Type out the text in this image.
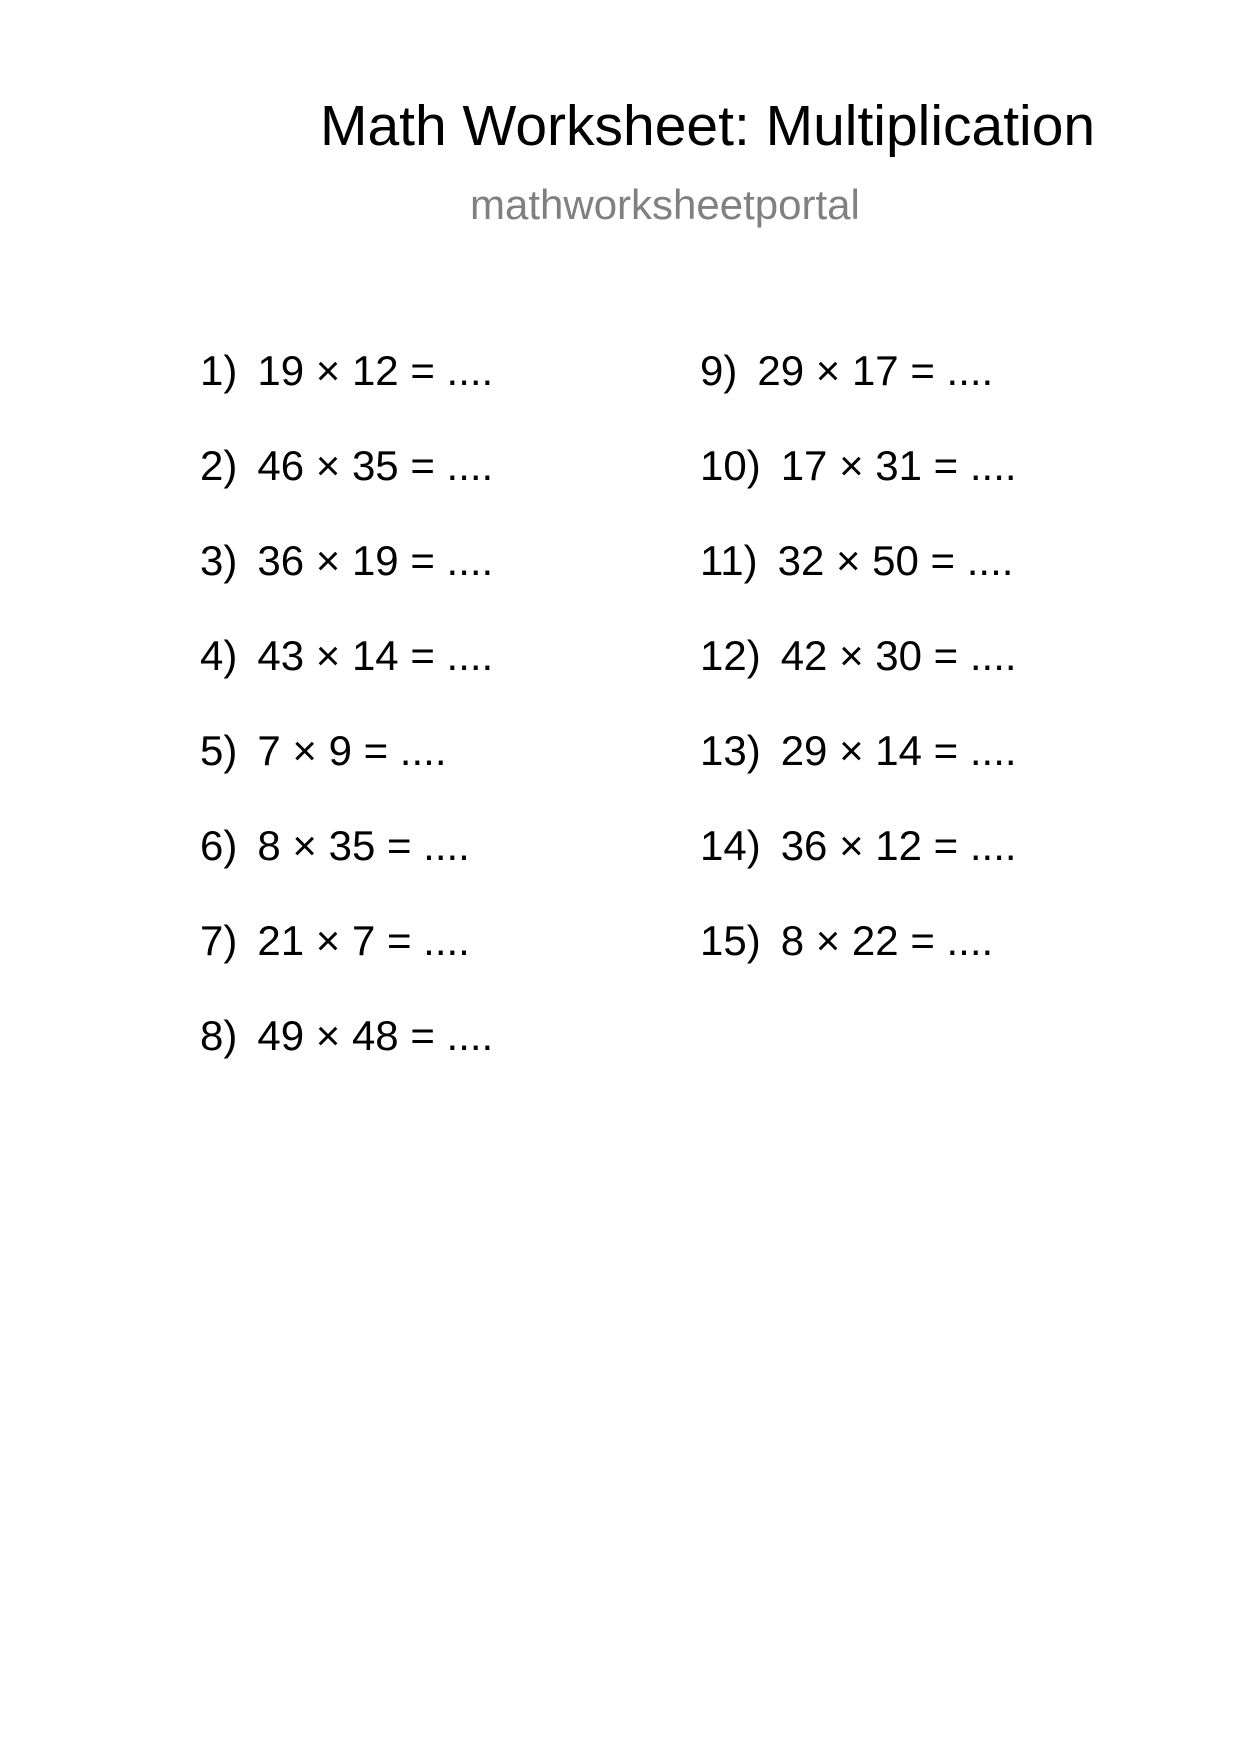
Math Worksheet: Multiplication
mathworksheetportal
1) 19 × 12 = ....
2) 46 × 35 = ....
3) 36 × 19 = ....
4) 43 × 14 = ....
5) 7 × 9 = ....
6) 8 × 35 = ....
7) 21 × 7 = ....
8) 49 × 48 = ....
9) 29 × 17 = ....
10) 17 × 31 = ....
11) 32 × 50 = ....
12) 42 × 30 = ....
13) 29 × 14 = ....
14) 36 × 12 = ....
15) 8 × 22 = ....
